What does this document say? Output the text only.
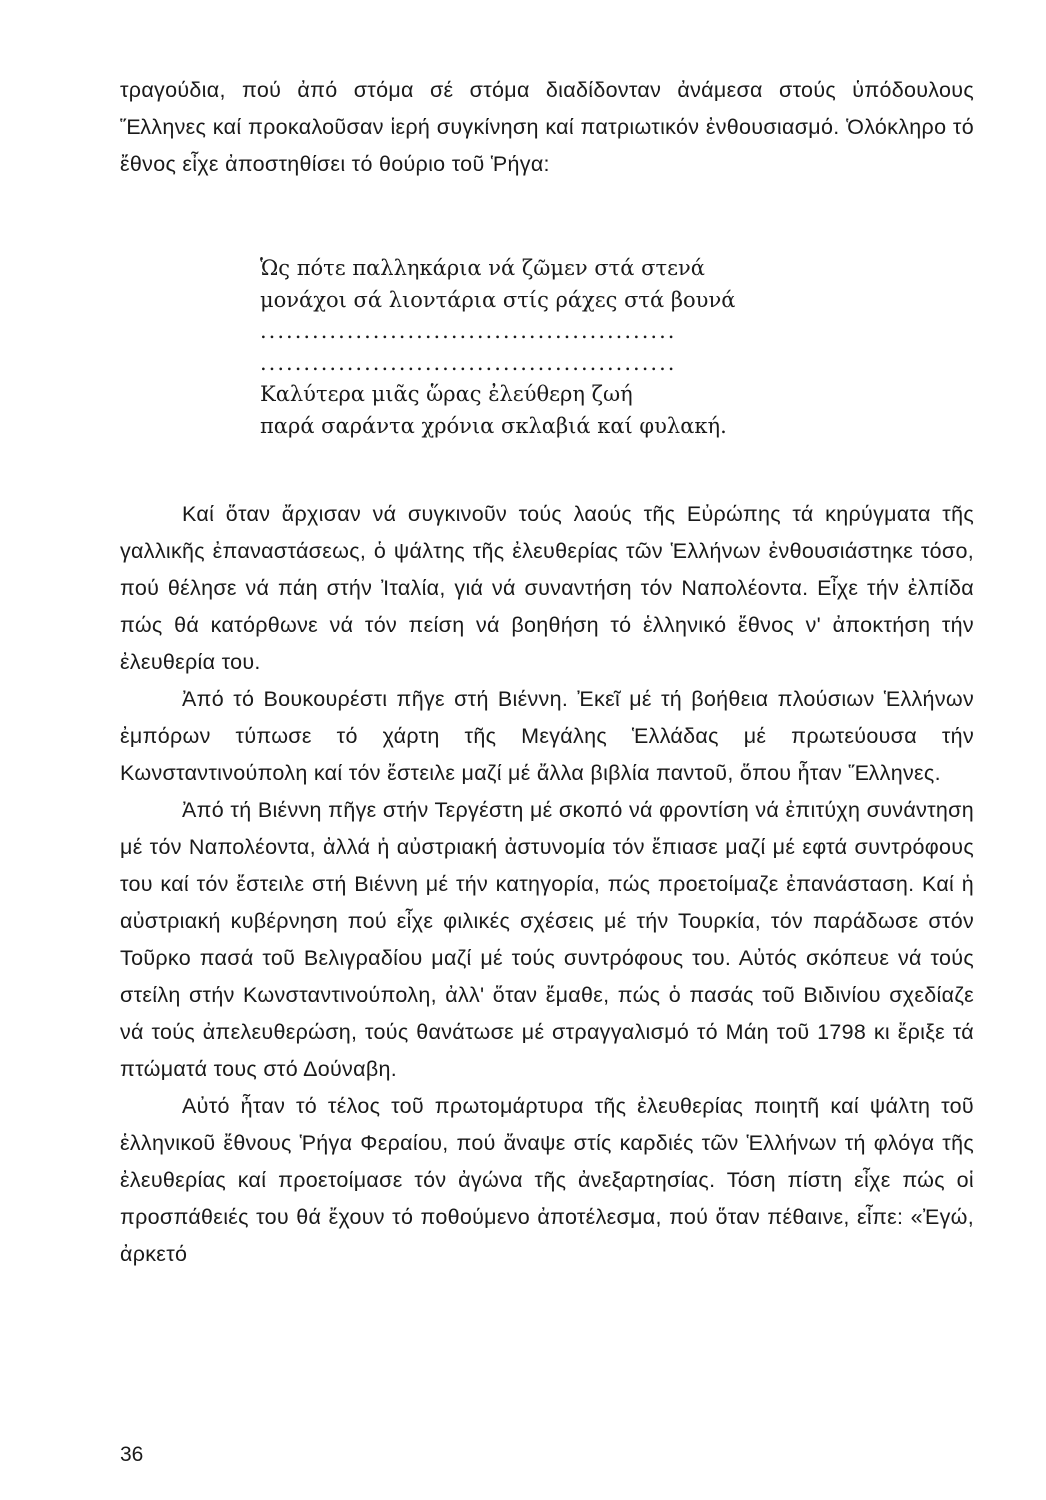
τραγούδια, πού ἀπό στόμα σέ στόμα διαδίδονταν ἀνάμεσα στούς ὑπόδουλους Ἕλληνες καί προκαλοῦσαν ἱερή συγκίνηση καί πατριωτικόν ἐνθουσιασμό. Ὁλόκληρο τό ἔθνος εἶχε ἀποστηθίσει τό θούριο τοῦ Ῥήγα:

Ὡς πότε παλληκάρια νά ζῶμεν στά στενά
μονάχοι σά λιοντάρια στίς ράχες στά βουνά
................................................
................................................
Καλύτερα μιᾶς ὥρας ἐλεύθερη ζωή
παρά σαράντα χρόνια σκλαβιά καί φυλακή.

Καί ὅταν ἄρχισαν νά συγκινοῦν τούς λαούς τῆς Εὐρώπης τά κηρύγματα τῆς γαλλικῆς ἐπαναστάσεως, ὁ ψάλτης τῆς ἐλευθερίας τῶν Ἑλλήνων ἐνθουσιάστηκε τόσο, πού θέλησε νά πάη στήν Ἰταλία, γιά νά συναντήση τόν Ναπολέοντα. Εἶχε τήν ἐλπίδα πώς θά κατόρθωνε νά τόν πείση νά βοηθήση τό ἑλληνικό ἔθνος ν' ἀποκτήση τήν ἐλευθερία του.

Ἀπό τό Βουκουρέστι πῆγε στή Βιέννη. Ἐκεῖ μέ τή βοήθεια πλούσιων Ἑλλήνων ἐμπόρων τύπωσε τό χάρτη τῆς Μεγάλης Ἑλλάδας μέ πρωτεύουσα τήν Κωνσταντινούπολη καί τόν ἔστειλε μαζί μέ ἄλλα βιβλία παντοῦ, ὅπου ἦταν Ἕλληνες.

Ἀπό τή Βιέννη πῆγε στήν Τεργέστη μέ σκοπό νά φροντίση νά ἐπιτύχη συνάντηση μέ τόν Ναπολέοντα, ἀλλά ἡ αὐστριακή ἀστυνομία τόν ἔπιασε μαζί μέ εφτά συντρόφους του καί τόν ἔστειλε στή Βιέννη μέ τήν κατηγορία, πώς προετοίμαζε ἐπανάσταση. Καί ἡ αὐστριακή κυβέρνηση πού εἶχε φιλικές σχέσεις μέ τήν Τουρκία, τόν παράδωσε στόν Τοῦρκο πασά τοῦ Βελιγραδίου μαζί μέ τούς συντρόφους του. Αὐτός σκόπευε νά τούς στείλη στήν Κωνσταντινούπολη, ἀλλ' ὅταν ἔμαθε, πώς ὁ πασάς τοῦ Βιδινίου σχεδίαζε νά τούς ἀπελευθερώση, τούς θανάτωσε μέ στραγγαλισμό τό Μάη τοῦ 1798 κι ἔριξε τά πτώματά τους στό Δούναβη.

Αὐτό ἦταν τό τέλος τοῦ πρωτομάρτυρα τῆς ἐλευθερίας ποιητῆ καί ψάλτη τοῦ ἑλληνικοῦ ἔθνους Ῥήγα Φεραίου, πού ἄναψε στίς καρδιές τῶν Ἑλλήνων τή φλόγα τῆς ἐλευθερίας καί προετοίμασε τόν ἀγώνα τῆς ἀνεξαρτησίας. Τόση πίστη εἶχε πώς οἱ προσπάθειές του θά ἔχουν τό ποθούμενο ἀποτέλεσμα, πού ὅταν πέθαινε, εἶπε: «Ἐγώ, ἀρκετό

36
